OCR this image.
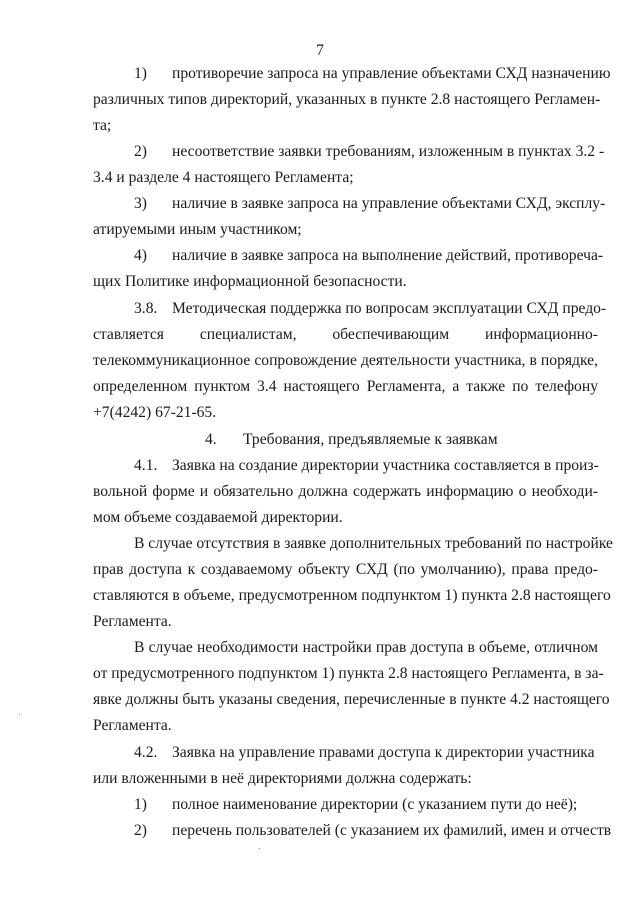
7
1) противоречие запроса на управление объектами СХД назначению
различных типов директорий, указанных в пункте 2.8 настоящего Регламен-
та;
2) несоответствие заявки требованиям, изложенным в пунктах 3.2 -
3.4 и разделе 4 настоящего Регламента;
3) наличие в заявке запроса на управление объектами СХД, эксплу-
атируемыми иным участником;
4) наличие в заявке запроса на выполнение действий, противореча-
щих Политике информационной безопасности.
3.8. Методическая поддержка по вопросам эксплуатации СХД предо-
ставляется специалистам, обеспечивающим информационно-
телекоммуникационное сопровождение деятельности участника, в порядке,
определенном пунктом 3.4 настоящего Регламента, а также по телефону
+7(4242) 67-21-65.
4. Требования, предъявляемые к заявкам
4.1. Заявка на создание директории участника составляется в произ-
вольной форме и обязательно должна содержать информацию о необходи-
мом объеме создаваемой директории.
В случае отсутствия в заявке дополнительных требований по настройке
прав доступа к создаваемому объекту СХД (по умолчанию), права предо-
ставляются в объеме, предусмотренном подпунктом 1) пункта 2.8 настоящего
Регламента.
В случае необходимости настройки прав доступа в объеме, отличном
от предусмотренного подпунктом 1) пункта 2.8 настоящего Регламента, в за-
явке должны быть указаны сведения, перечисленные в пункте 4.2 настоящего
Регламента.
4.2. Заявка на управление правами доступа к директории участника
или вложенными в неё директориями должна содержать:
1) полное наименование директории (с указанием пути до неё);
2) перечень пользователей (с указанием их фамилий, имен и отчеств
